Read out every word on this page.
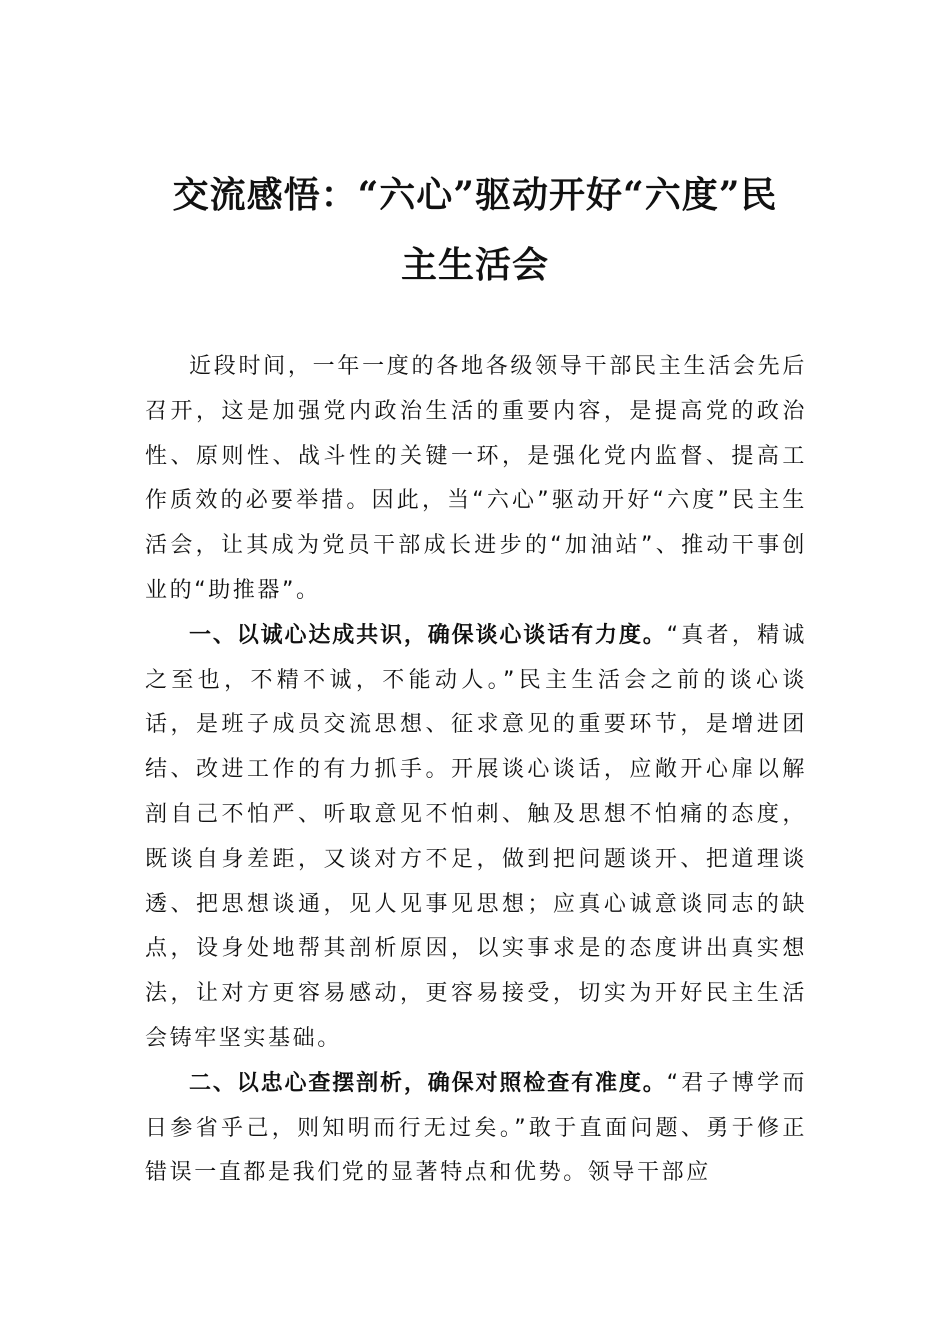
交流感悟：“六心”驱动开好“六度”民
主生活会

近段时间，一年一度的各地各级领导干部民主生活会先后召开，这是加强党内政治生活的重要内容，是提高党的政治性、原则性、战斗性的关键一环，是强化党内监督、提高工作质效的必要举措。因此，当“六心”驱动开好“六度”民主生活会，让其成为党员干部成长进步的“加油站”、推动干事创业的“助推器”。

一、以诚心达成共识，确保谈心谈话有力度。“真者，精诚之至也，不精不诚，不能动人。”民主生活会之前的谈心谈话，是班子成员交流思想、征求意见的重要环节，是增进团结、改进工作的有力抓手。开展谈心谈话，应敞开心扉以解剖自己不怕严、听取意见不怕刺、触及思想不怕痛的态度，既谈自身差距，又谈对方不足，做到把问题谈开、把道理谈透、把思想谈通，见人见事见思想；应真心诚意谈同志的缺点，设身处地帮其剖析原因，以实事求是的态度讲出真实想法，让对方更容易感动，更容易接受，切实为开好民主生活会铸牢坚实基础。

二、以忠心查摆剖析，确保对照检查有准度。“君子博学而日参省乎己，则知明而行无过矣。”敢于直面问题、勇于修正错误一直都是我们党的显著特点和优势。领导干部应
